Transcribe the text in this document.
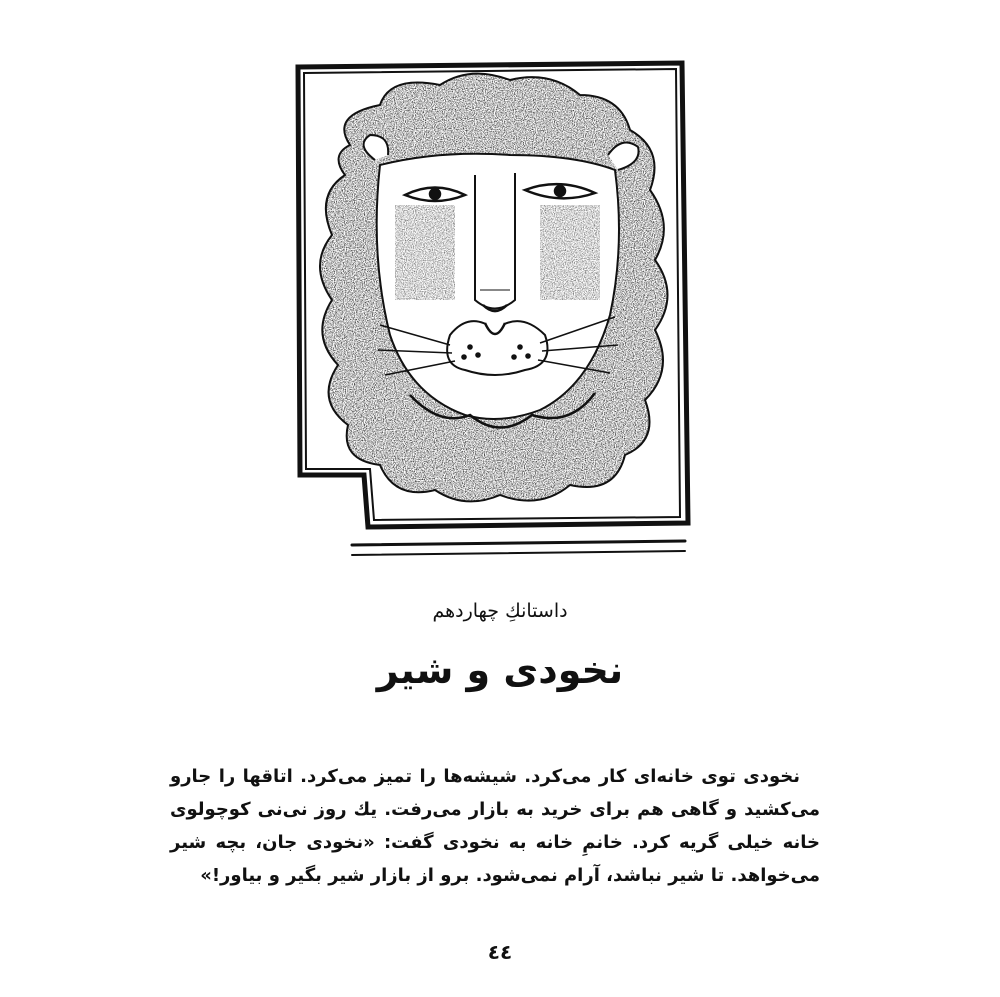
داستانكِ چهاردهم
نخودی و شیر

نخودی توی خانه‌ای کار می‌کرد. شیشه‌ها را تمیز می‌کرد. اتاقها را جارو می‌کشید و گاهی هم برای خرید به بازار می‌رفت. یك روز نی‌نی کوچولوی خانه خیلی گریه کرد. خانمِ خانه به نخودی گفت: «نخودی جان، بچه شیر می‌خواهد. تا شیر نباشد، آرام نمی‌شود. برو از بازار شیر بگیر و بیاور!»

٤٤
